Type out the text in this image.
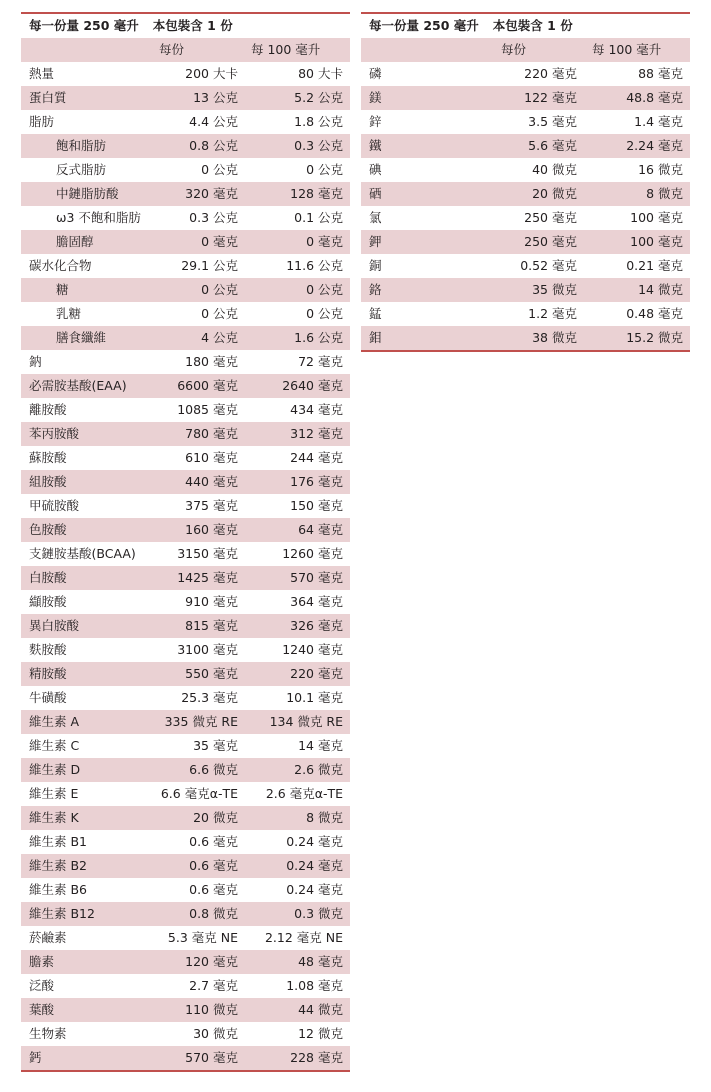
每一份量 250 毫升 本包裝含 1 份
每份	每 100 毫升
熱量	200 大卡	80 大卡
蛋白質	13 公克	5.2 公克
脂肪	4.4 公克	1.8 公克
飽和脂肪	0.8 公克	0.3 公克
反式脂肪	0 公克	0 公克
中鏈脂肪酸	320 毫克	128 毫克
ω3 不飽和脂肪	0.3 公克	0.1 公克
膽固醇	0 毫克	0 毫克
碳水化合物	29.1 公克	11.6 公克
糖	0 公克	0 公克
乳糖	0 公克	0 公克
膳食纖維	4 公克	1.6 公克
鈉	180 毫克	72 毫克
必需胺基酸(EAA)	6600 毫克	2640 毫克
離胺酸	1085 毫克	434 毫克
苯丙胺酸	780 毫克	312 毫克
蘇胺酸	610 毫克	244 毫克
組胺酸	440 毫克	176 毫克
甲硫胺酸	375 毫克	150 毫克
色胺酸	160 毫克	64 毫克
支鏈胺基酸(BCAA)	3150 毫克	1260 毫克
白胺酸	1425 毫克	570 毫克
纈胺酸	910 毫克	364 毫克
異白胺酸	815 毫克	326 毫克
麩胺酸	3100 毫克	1240 毫克
精胺酸	550 毫克	220 毫克
牛磺酸	25.3 毫克	10.1 毫克
維生素 A	335 微克 RE	134 微克 RE
維生素 C	35 毫克	14 毫克
維生素 D	6.6 微克	2.6 微克
維生素 E	6.6 毫克α-TE 2.6 毫克α-TE
維生素 K	20 微克	8 微克
維生素 B1	0.6 毫克	0.24 毫克
維生素 B2	0.6 毫克	0.24 毫克
維生素 B6	0.6 毫克	0.24 毫克
維生素 B12	0.8 微克	0.3 微克
菸鹼素	5.3 毫克 NE 2.12 毫克 NE
膽素	120 毫克	48 毫克
泛酸	2.7 毫克	1.08 毫克
葉酸	110 微克	44 微克
生物素	30 微克	12 微克
鈣	570 毫克	228 毫克
每一份量 250 毫升 本包裝含 1 份
每份	每 100 毫升
磷	220 毫克	88 毫克
鎂	122 毫克	48.8 毫克
鋅	3.5 毫克	1.4 毫克
鐵	5.6 毫克	2.24 毫克
碘	40 微克	16 微克
硒	20 微克	8 微克
氯	250 毫克	100 毫克
鉀	250 毫克	100 毫克
銅	0.52 毫克	0.21 毫克
鉻	35 微克	14 微克
錳	1.2 毫克	0.48 毫克
鉬	38 微克	15.2 微克
